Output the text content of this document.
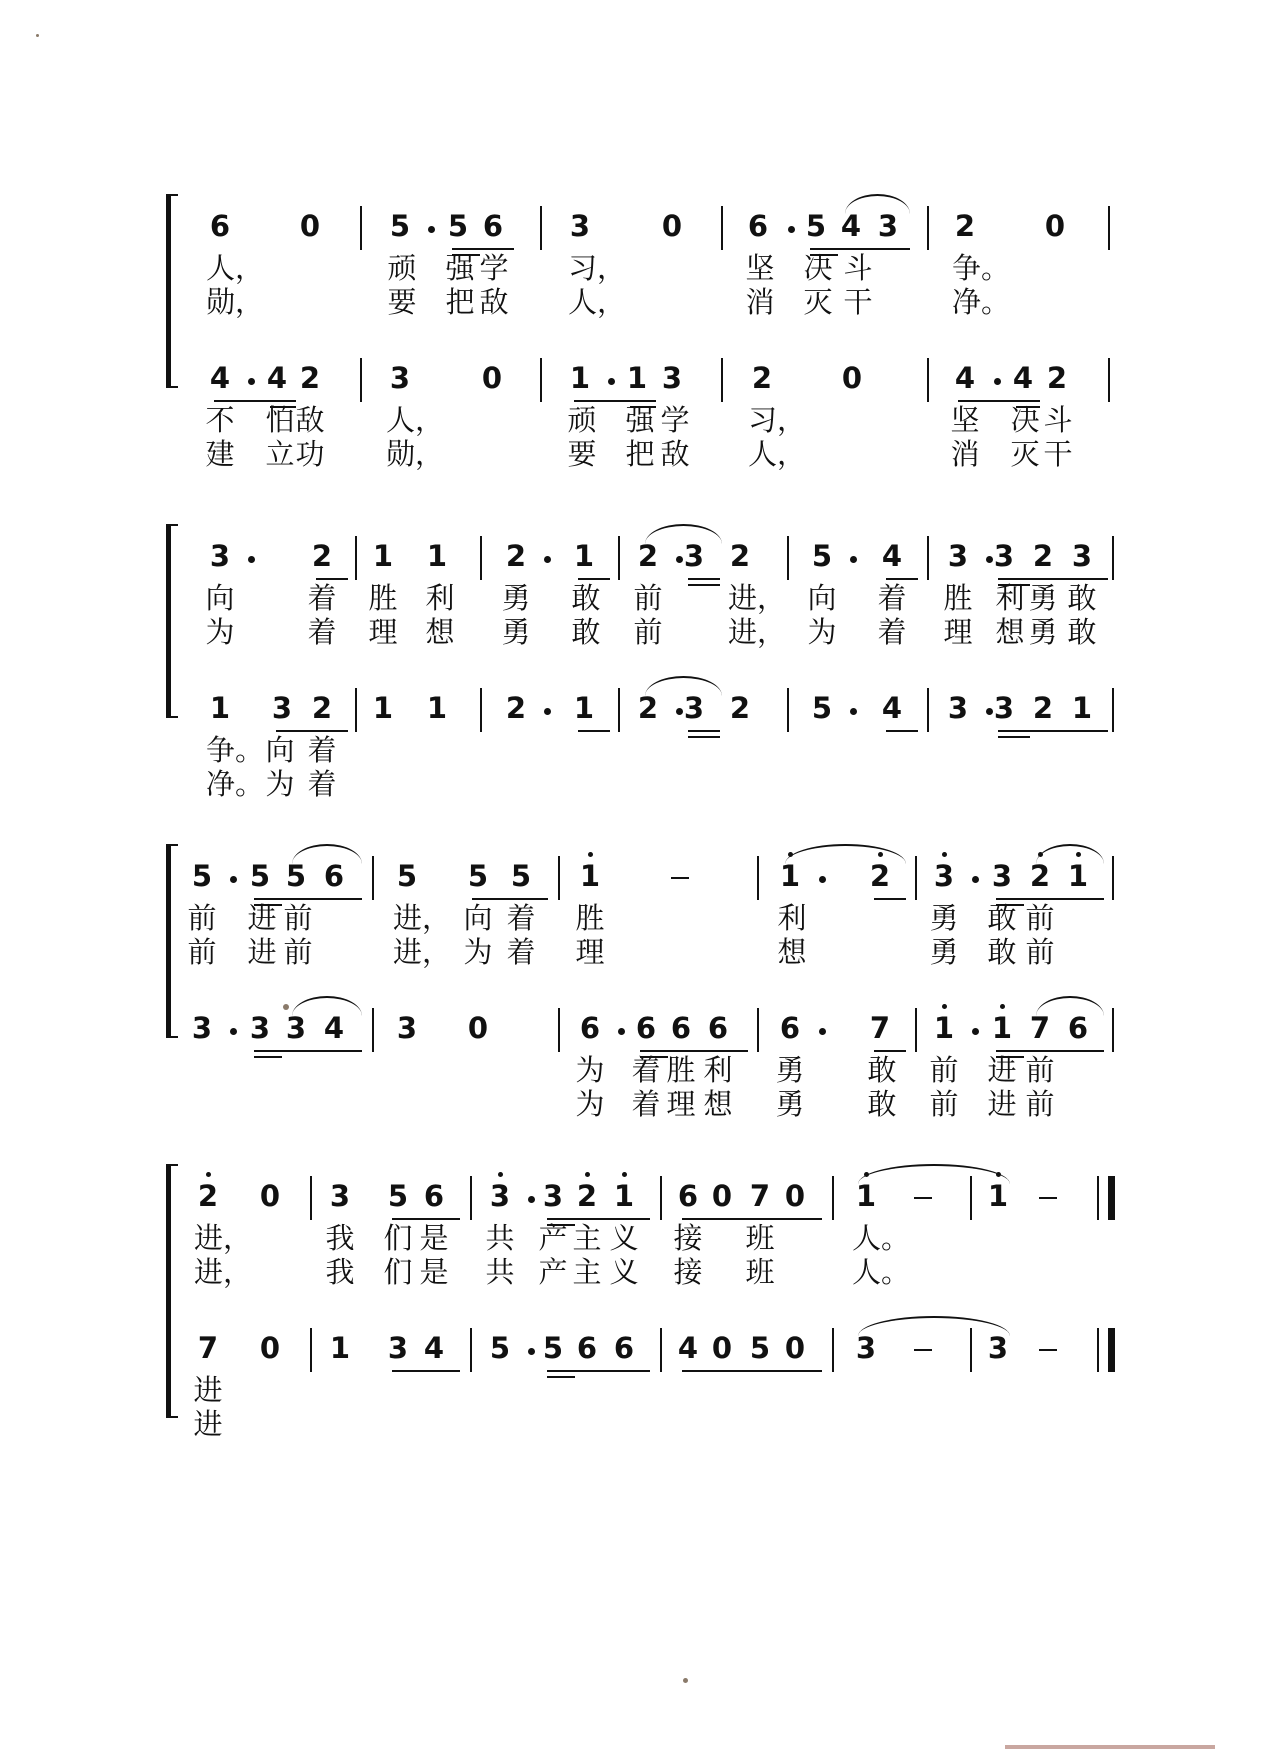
6 0 5 5 6 3 0 6 5 4 3 2 0
人，	顽 强 学 习，	坚 决 斗	争。
勋，	要 把 敌 人，	消 灭 干	净。
4 4 2 3 0 1 1 3 2 0	4 4 2
不 怕 敌 人，	顽 强 学 习，	坚 决 斗
建 立 功 勋，	要 把 敌 人，	消 灭 干
3	2 1 1 2 1 2 3 2 5 4 3 3 2 3
向	着 胜 利 勇 敢 前 进， 向 着 胜 利 勇 敢
为	着 理 想 勇 敢 前 进， 为 着 理 想 勇 敢
1 3 2 1 1 2 1 2 3 2 5 4 3 3 2 1
争。 向 着
净。 为 着
5 5 5 6 5 5 5 1	1 2 3 3 2 1
前 进 前	进， 向 着 胜	利	勇 敢 前
前 进 前	进， 为 着 理	想	勇 敢 前
3 3 3 4 3 0	6 6 6 6 6 7 1 1 7 6
为 着 胜 利 勇 敢 前 进 前
为 着 理 想 勇 敢 前 进 前
2 0 3 5 6 3 3 2 1 6 0 7 0 1	1
进，	我 们 是 共 产 主 义 接 班	人。
进，	我 们 是 共 产 主 义 接 班	人。
7 0 1 3 4 5 5 6 6 4 0 5 0 3	3
进
进
